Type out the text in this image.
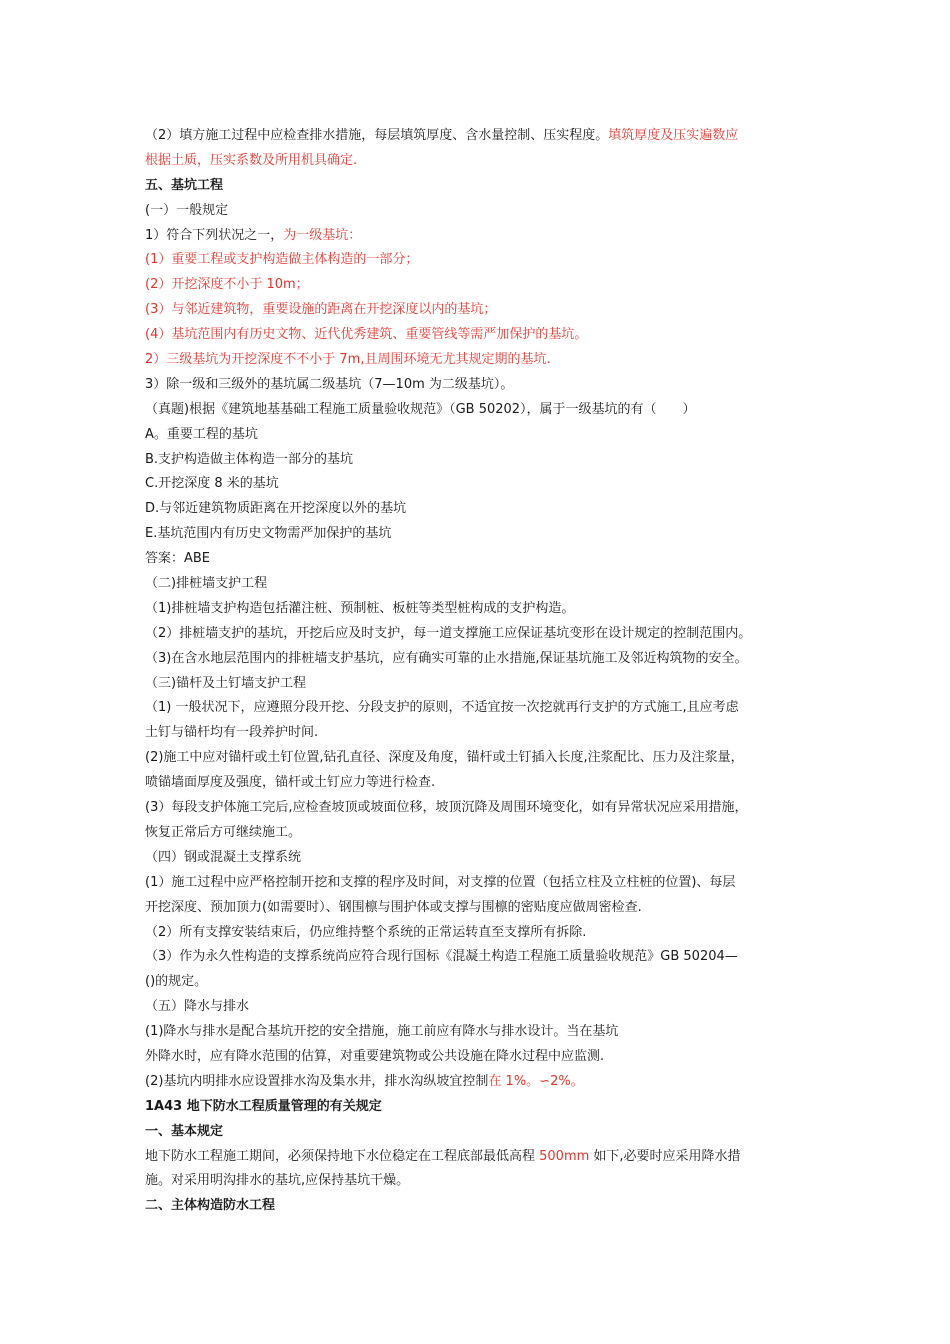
（2）填方施工过程中应检查排水措施，每层填筑厚度、含水量控制、压实程度。填筑厚度及压实遍数应
根据土质，压实系数及所用机具确定.
五、基坑工程
(一）一般规定
1）符合下列状况之一，为一级基坑：
(1）重要工程或支护构造做主体构造的一部分；
(2）开挖深度不小于 10m；
(3）与邻近建筑物，重要设施的距离在开挖深度以内的基坑；
(4）基坑范围内有历史文物、近代优秀建筑、重要管线等需严加保护的基坑。
2）三级基坑为开挖深度不不小于 7m,且周围环境无尤其规定期的基坑.
3）除一级和三级外的基坑属二级基坑（7—10m 为二级基坑）。
（真题)根据《建筑地基基础工程施工质量验收规范》（GB 50202），属于一级基坑的有（　　）
A。重要工程的基坑
B.支护构造做主体构造一部分的基坑
C.开挖深度 8 米的基坑
D.与邻近建筑物质距离在开挖深度以外的基坑
E.基坑范围内有历史文物需严加保护的基坑
答案：ABE
（二)排桩墙支护工程
（1)排桩墙支护构造包括灌注桩、预制桩、板桩等类型桩构成的支护构造。
（2）排桩墙支护的基坑，开挖后应及时支护，每一道支撑施工应保证基坑变形在设计规定的控制范围内。
（3)在含水地层范围内的排桩墙支护基坑，应有确实可靠的止水措施,保证基坑施工及邻近构筑物的安全。
（三)锚杆及土钉墙支护工程
（1) 一般状况下，应遵照分段开挖、分段支护的原则，不适宜按一次挖就再行支护的方式施工,且应考虑
土钉与锚杆均有一段养护时间.
(2)施工中应对锚杆或土钉位置,钻孔直径、深度及角度，锚杆或土钉插入长度,注浆配比、压力及注浆量，
喷锚墙面厚度及强度，锚杆或土钉应力等进行检查.
(3）每段支护体施工完后,应检查坡顶或坡面位移，坡顶沉降及周围环境变化，如有异常状况应采用措施，
恢复正常后方可继续施工。
（四）钢或混凝土支撑系统
(1）施工过程中应严格控制开挖和支撑的程序及时间，对支撑的位置（包括立柱及立柱桩的位置)、每层
开挖深度、预加顶力(如需要时）、钢围檩与围护体或支撑与围檩的密贴度应做周密检查.
（2）所有支撑安装结束后，仍应维持整个系统的正常运转直至支撑所有拆除.
（3）作为永久性构造的支撑系统尚应符合现行国标《混凝土构造工程施工质量验收规范》GB 50204—
()的规定。
（五）降水与排水
(1)降水与排水是配合基坑开挖的安全措施，施工前应有降水与排水设计。当在基坑
外降水时，应有降水范围的估算，对重要建筑物或公共设施在降水过程中应监测.
(2)基坑内明排水应设置排水沟及集水井，排水沟纵坡宜控制在 1%。∽2%。
1A43 地下防水工程质量管理的有关规定
一、基本规定
地下防水工程施工期间，必须保持地下水位稳定在工程底部最低高程 500mm 如下,必要时应采用降水措
施。对采用明沟排水的基坑,应保持基坑干燥。
二、主体构造防水工程
